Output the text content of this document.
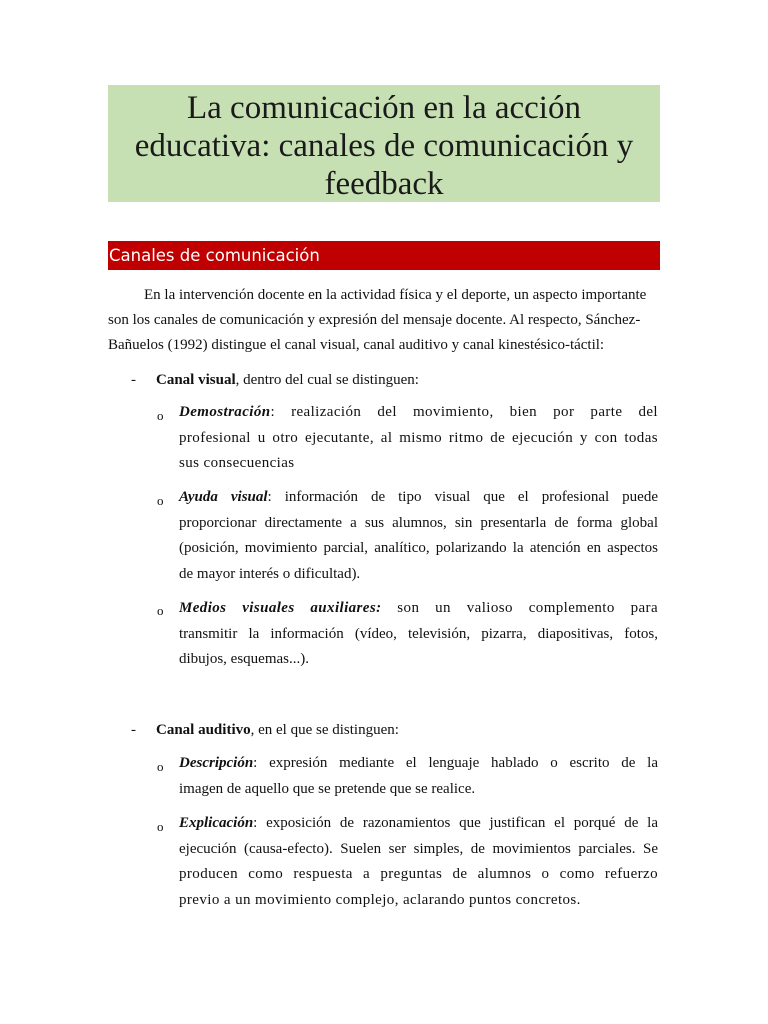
La comunicación en la acción
educativa: canales de comunicación y
feedback
Canales de comunicación
En la intervención docente en la actividad física y el deporte, un aspecto importante
son los canales de comunicación y expresión del mensaje docente. Al respecto, Sánchez-
Bañuelos (1992) distingue el canal visual, canal auditivo y canal kinestésico-táctil:
- Canal visual, dentro del cual se distinguen:
o Demostración: realización del movimiento, bien por parte del
profesional u otro ejecutante, al mismo ritmo de ejecución y con todas
sus consecuencias
o Ayuda visual: información de tipo visual que el profesional puede
proporcionar directamente a sus alumnos, sin presentarla de forma global
(posición, movimiento parcial, analítico, polarizando la atención en aspectos
de mayor interés o dificultad).
o Medios visuales auxiliares: son un valioso complemento para
transmitir la información (vídeo, televisión, pizarra, diapositivas, fotos,
dibujos, esquemas...).
- Canal auditivo, en el que se distinguen:
o Descripción: expresión mediante el lenguaje hablado o escrito de la
imagen de aquello que se pretende que se realice.
o Explicación: exposición de razonamientos que justifican el porqué de la
ejecución (causa-efecto). Suelen ser simples, de movimientos parciales. Se
producen como respuesta a preguntas de alumnos o como refuerzo
previo a un movimiento complejo, aclarando puntos concretos.
